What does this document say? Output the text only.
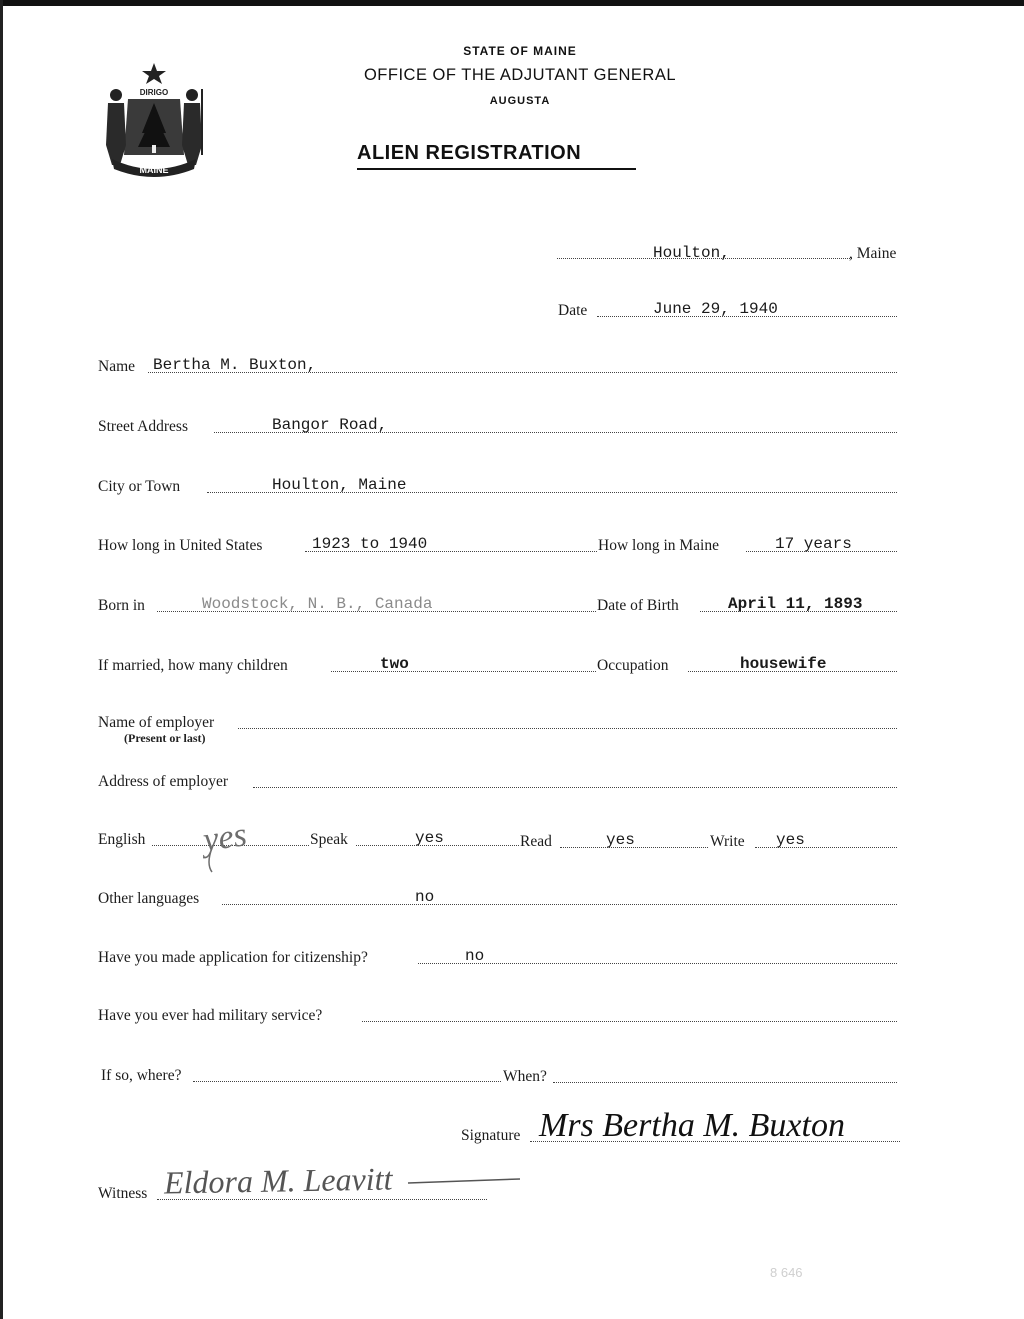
DIRIGO
MAINE
STATE OF MAINE
OFFICE OF THE ADJUTANT GENERAL
AUGUSTA
ALIEN REGISTRATION
Houlton,	, Maine
Date	June 29, 1940
Name Bertha M. Buxton,
Street Address	Bangor Road,
City or Town	Houlton, Maine
How long in United States	1923 to 1940	How long in Maine	17 years
Born in	Woodstock, N. B., Canada	Date of Birth	April 11, 1893
If married, how many children	two	Occupation	housewife
Name of employer
(Present or last)
Address of employer
English yes	Speak	yes	Read	yes	Write yes
Other languages	no
Have you made application for citizenship?	no
Have you ever had military service?
If so, where?	When?
Signature Mrs Bertha M. Buxton
Witness Eldora M. Leavitt
8 646
